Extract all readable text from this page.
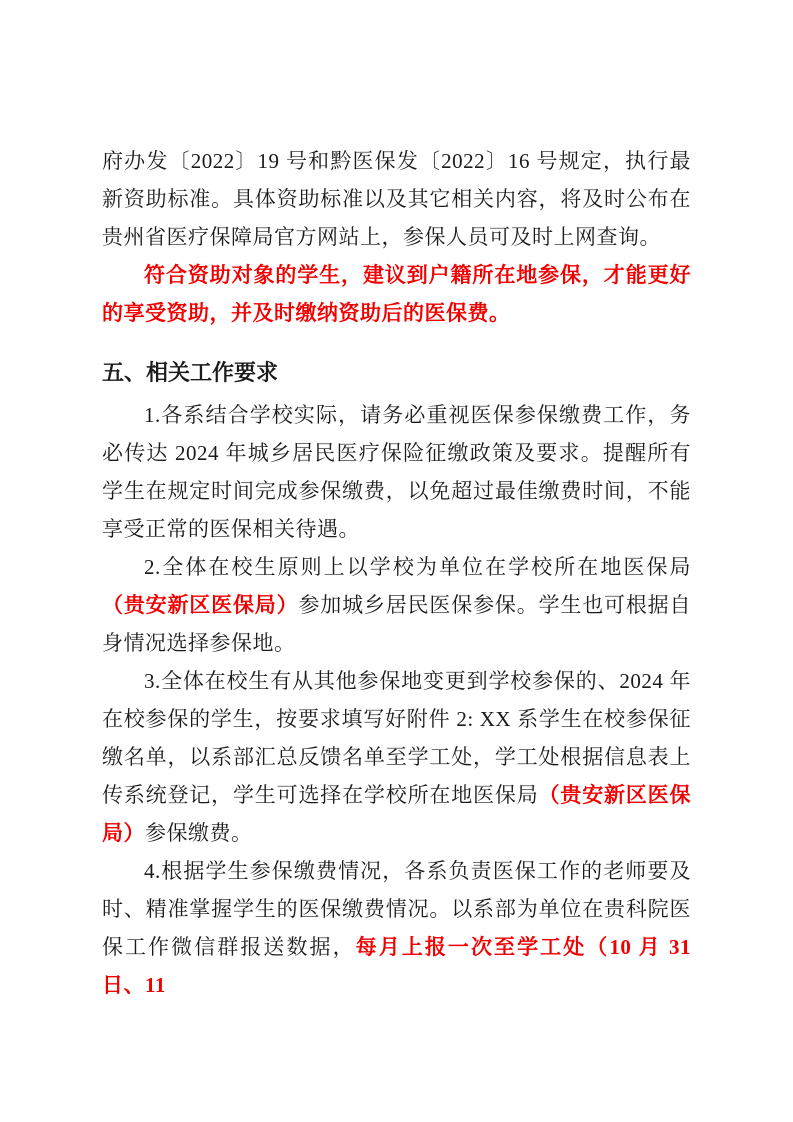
府办发〔2022〕19 号和黔医保发〔2022〕16 号规定，执行最新资助标准。具体资助标准以及其它相关内容，将及时公布在贵州省医疗保障局官方网站上，参保人员可及时上网查询。

符合资助对象的学生，建议到户籍所在地参保，才能更好的享受资助，并及时缴纳资助后的医保费。

五、相关工作要求

1.各系结合学校实际，请务必重视医保参保缴费工作，务必传达 2024 年城乡居民医疗保险征缴政策及要求。提醒所有学生在规定时间完成参保缴费，以免超过最佳缴费时间，不能享受正常的医保相关待遇。

2.全体在校生原则上以学校为单位在学校所在地医保局（贵安新区医保局）参加城乡居民医保参保。学生也可根据自身情况选择参保地。

3.全体在校生有从其他参保地变更到学校参保的、2024 年在校参保的学生，按要求填写好附件 2: XX 系学生在校参保征缴名单，以系部汇总反馈名单至学工处，学工处根据信息表上传系统登记，学生可选择在学校所在地医保局（贵安新区医保局）参保缴费。

4.根据学生参保缴费情况，各系负责医保工作的老师要及时、精准掌握学生的医保缴费情况。以系部为单位在贵科院医保工作微信群报送数据，每月上报一次至学工处（10 月 31 日、11
